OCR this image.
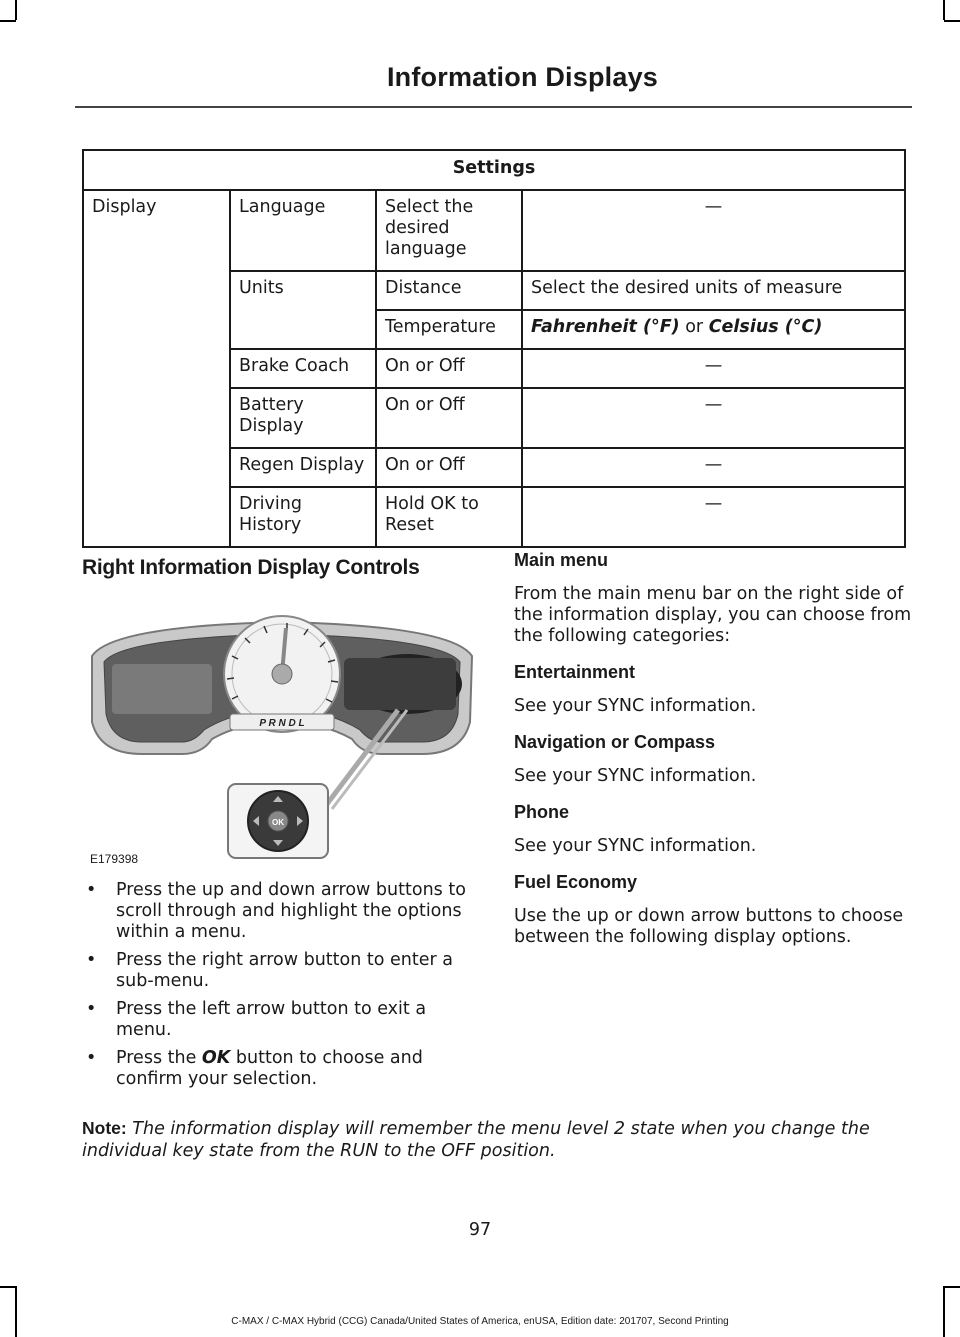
Information Displays
Settings			
Display	Language	Select the desired language	—
	Units	Distance	Select the desired units of measure
		Temperature	Fahrenheit (°F) or Celsius (°C)
	Brake Coach	On or Off	—
	Battery Display	On or Off	—
	Regen Display	On or Off	—
	Driving History	Hold OK to Reset	—
Right Information Display Controls
P R N D L
OK
E179398
• Press the up and down arrow buttons to scroll through and highlight the options within a menu.
• Press the right arrow button to enter a sub-menu.
• Press the left arrow button to exit a menu.
• Press the OK button to choose and confirm your selection.

Main menu

From the main menu bar on the right side of the information display, you can choose from the following categories:

Entertainment

See your SYNC information.

Navigation or Compass

See your SYNC information.

Phone

See your SYNC information.

Fuel Economy

Use the up or down arrow buttons to choose between the following display options.

Note: The information display will remember the menu level 2 state when you change the individual key state from the RUN to the OFF position.
97
C-MAX / C-MAX Hybrid (CCG) Canada/United States of America, enUSA, Edition date: 201707, Second Printing
